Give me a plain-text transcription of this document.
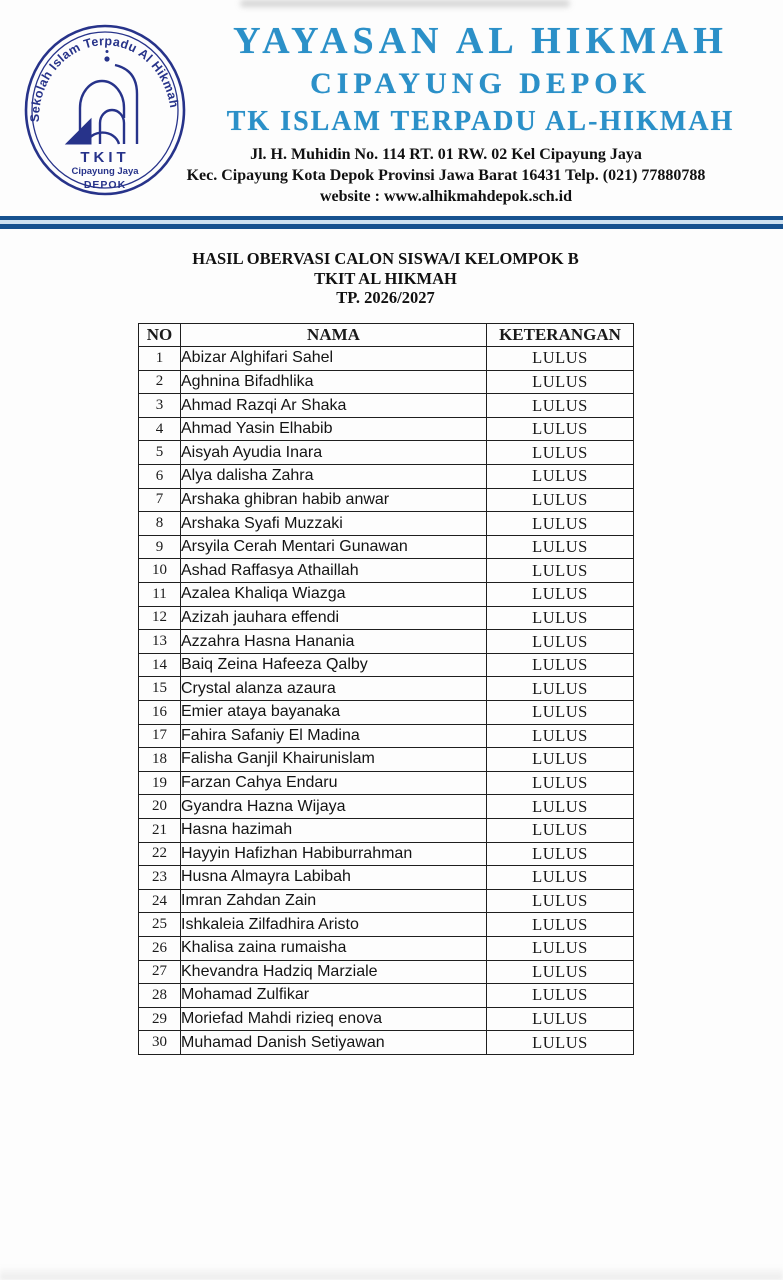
Sekolah Islam Terpadu Al Hikmah
TKIT
Cipayung Jaya
DEPOK
YAYASAN AL HIKMAH
CIPAYUNG DEPOK
TK ISLAM TERPADU AL-HIKMAH
Jl. H. Muhidin No. 114 RT. 01 RW. 02 Kel Cipayung Jaya
Kec. Cipayung Kota Depok Provinsi Jawa Barat 16431 Telp. (021) 77880788
website : www.alhikmahdepok.sch.id
HASIL OBERVASI CALON SISWA/I KELOMPOK B
TKIT AL HIKMAH
TP. 2026/2027
NO	NAMA	KETERANGAN
1	Abizar Alghifari Sahel	LULUS
2	Aghnina Bifadhlika	LULUS
3	Ahmad Razqi Ar Shaka	LULUS
4	Ahmad Yasin Elhabib	LULUS
5	Aisyah Ayudia Inara	LULUS
6	Alya dalisha Zahra	LULUS
7	Arshaka ghibran habib anwar	LULUS
8	Arshaka Syafi Muzzaki	LULUS
9	Arsyila Cerah Mentari Gunawan	LULUS
10	Ashad Raffasya Athaillah	LULUS
11	Azalea Khaliqa Wiazga	LULUS
12	Azizah jauhara effendi	LULUS
13	Azzahra Hasna Hanania	LULUS
14	Baiq Zeina Hafeeza Qalby	LULUS
15	Crystal alanza azaura	LULUS
16	Emier ataya bayanaka	LULUS
17	Fahira Safaniy El Madina	LULUS
18	Falisha Ganjil Khairunislam	LULUS
19	Farzan Cahya Endaru	LULUS
20	Gyandra Hazna Wijaya	LULUS
21	Hasna hazimah	LULUS
22	Hayyin Hafizhan Habiburrahman	LULUS
23	Husna Almayra Labibah	LULUS
24	Imran Zahdan Zain	LULUS
25	Ishkaleia Zilfadhira Aristo	LULUS
26	Khalisa zaina rumaisha	LULUS
27	Khevandra Hadziq Marziale	LULUS
28	Mohamad Zulfikar	LULUS
29	Moriefad Mahdi rizieq enova	LULUS
30	Muhamad Danish Setiyawan	LULUS
